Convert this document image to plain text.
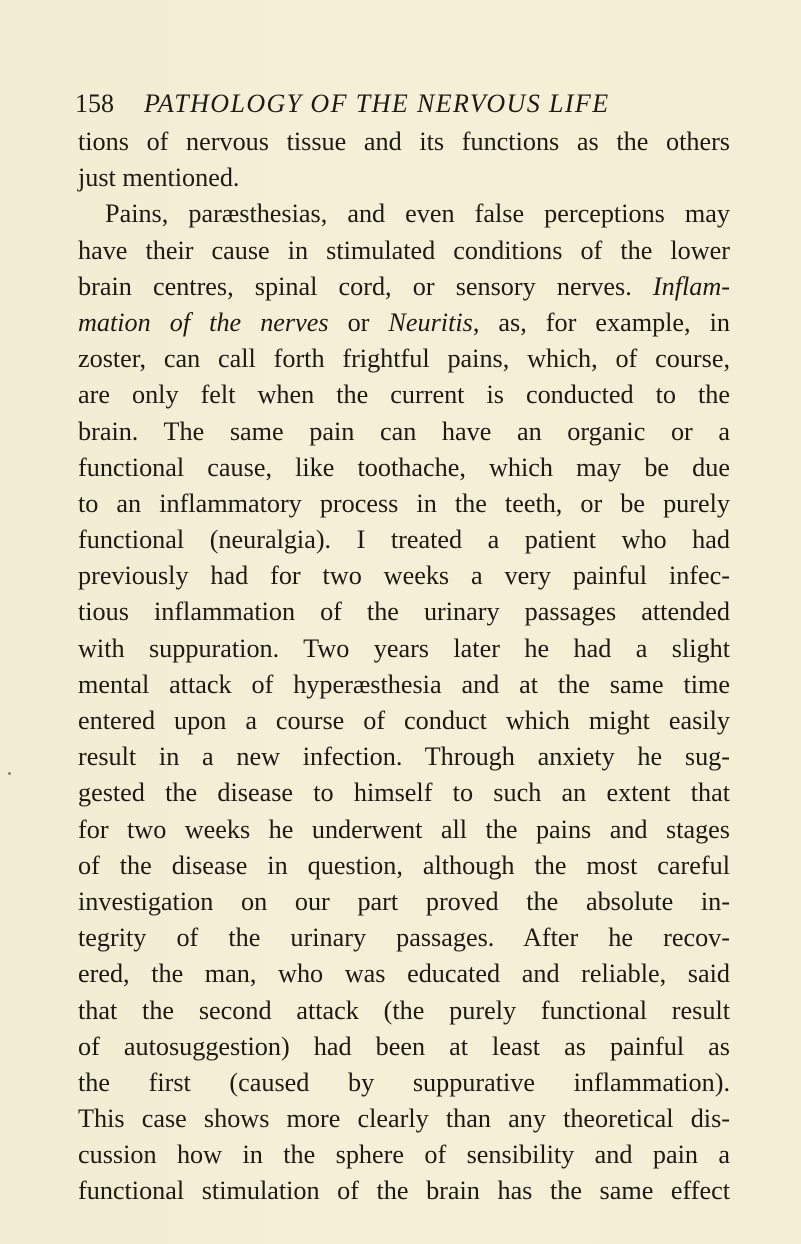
158 PATHOLOGY OF THE NERVOUS LIFE
tions of nervous tissue and its functions as the others
just mentioned.
Pains, paræsthesias, and even false perceptions may
have their cause in stimulated conditions of the lower
brain centres, spinal cord, or sensory nerves. Inflam-
mation of the nerves or Neuritis, as, for example, in
zoster, can call forth frightful pains, which, of course,
are only felt when the current is conducted to the
brain. The same pain can have an organic or a
functional cause, like toothache, which may be due
to an inflammatory process in the teeth, or be purely
functional (neuralgia). I treated a patient who had
previously had for two weeks a very painful infec-
tious inflammation of the urinary passages attended
with suppuration. Two years later he had a slight
mental attack of hyperæsthesia and at the same time
entered upon a course of conduct which might easily
result in a new infection. Through anxiety he sug-
gested the disease to himself to such an extent that
for two weeks he underwent all the pains and stages
of the disease in question, although the most careful
investigation on our part proved the absolute in-
tegrity of the urinary passages. After he recov-
ered, the man, who was educated and reliable, said
that the second attack (the purely functional result
of autosuggestion) had been at least as painful as
the first (caused by suppurative inflammation).
This case shows more clearly than any theoretical dis-
cussion how in the sphere of sensibility and pain a
functional stimulation of the brain has the same effect
